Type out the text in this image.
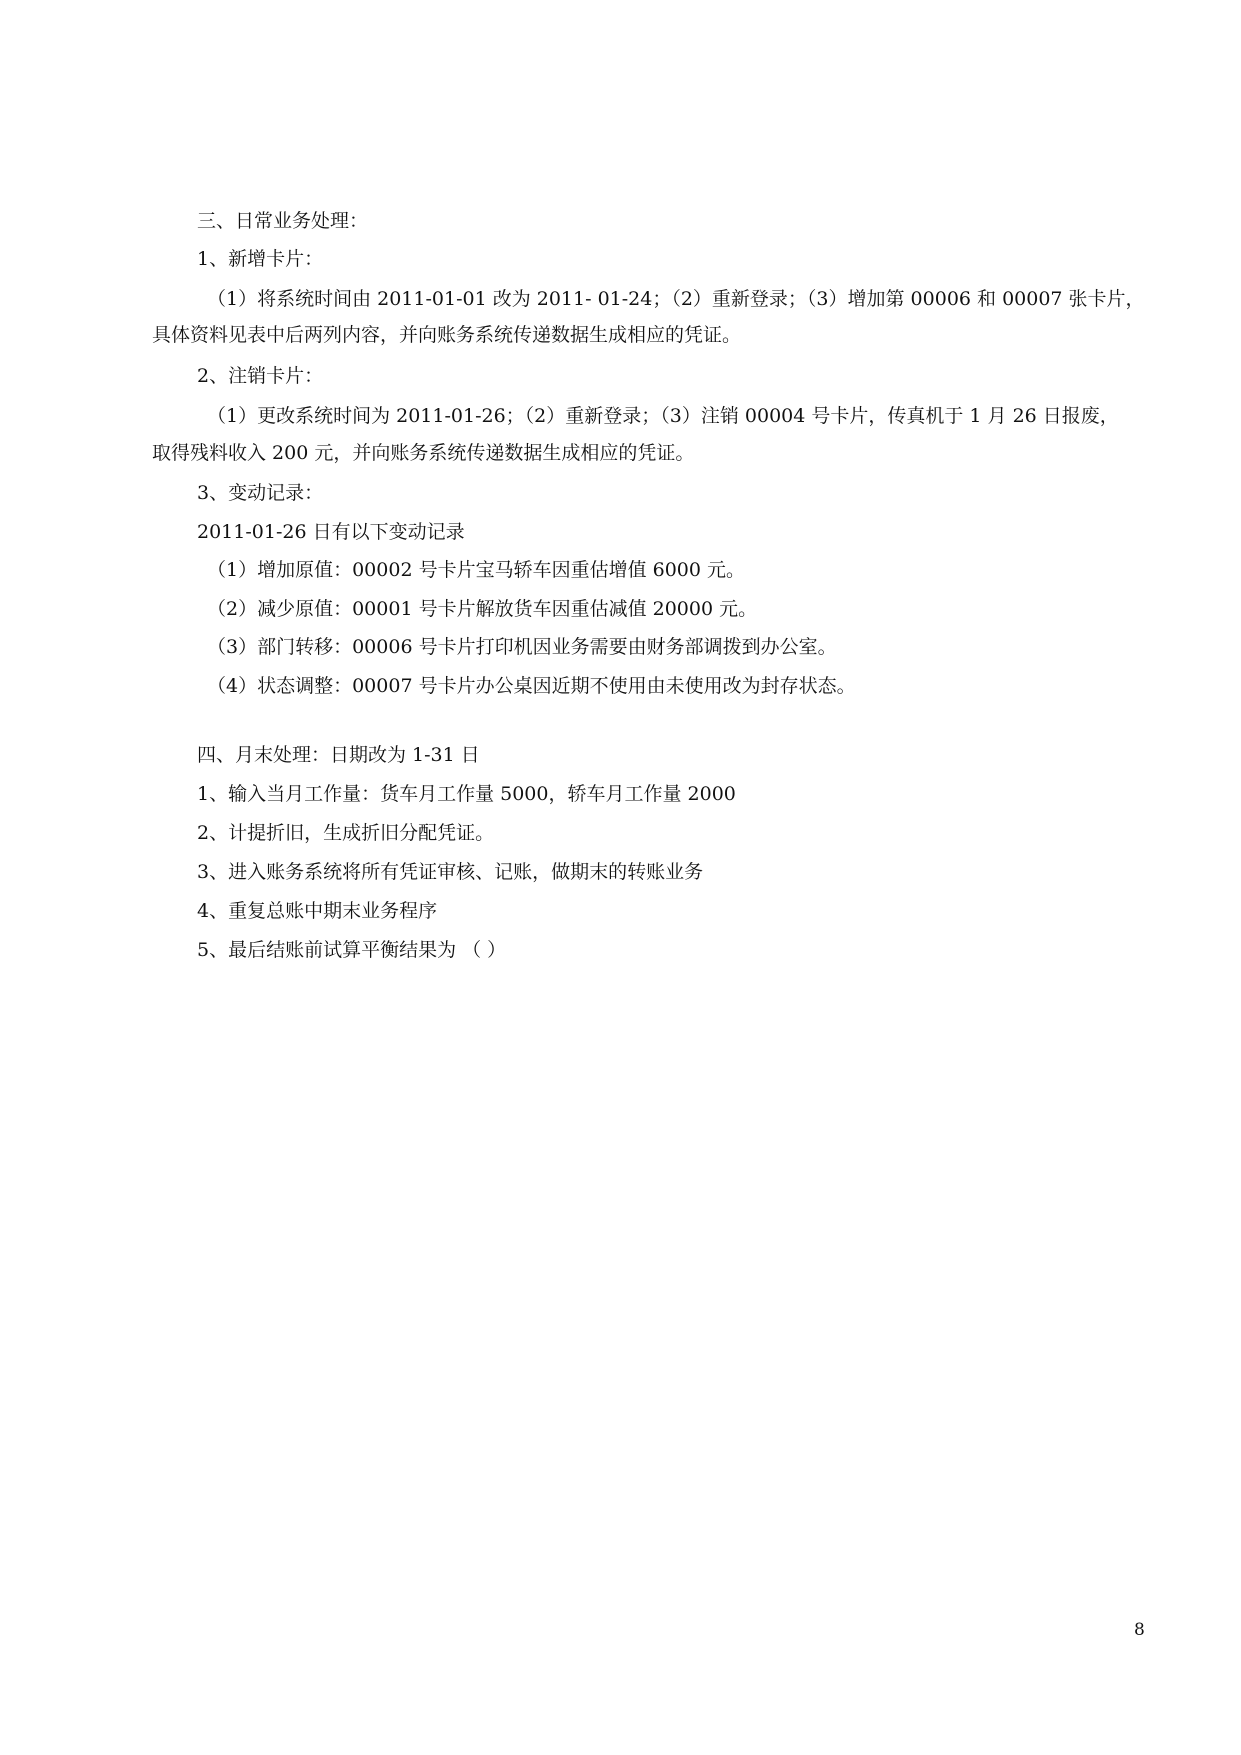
三、日常业务处理：
1、新增卡片：
（1）将系统时间由 2011-01-01 改为 2011- 01-24；（2）重新登录；（3）增加第 00006 和 00007 张卡片，
具体资料见表中后两列内容，并向账务系统传递数据生成相应的凭证。
2、注销卡片：
（1）更改系统时间为 2011-01-26；（2）重新登录；（3）注销 00004 号卡片，传真机于 1 月 26 日报废，
取得残料收入 200 元，并向账务系统传递数据生成相应的凭证。
3、变动记录：
2011-01-26 日有以下变动记录
（1）增加原值：00002 号卡片宝马轿车因重估增值 6000 元。
（2）减少原值：00001 号卡片解放货车因重估减值 20000 元。
（3）部门转移：00006 号卡片打印机因业务需要由财务部调拨到办公室。
（4）状态调整：00007 号卡片办公桌因近期不使用由未使用改为封存状态。
四、月末处理：日期改为 1-31 日
1、输入当月工作量：货车月工作量 5000，轿车月工作量 2000
2、计提折旧，生成折旧分配凭证。
3、进入账务系统将所有凭证审核、记账，做期末的转账业务
4、重复总账中期末业务程序
5、最后结账前试算平衡结果为 （ ）
8
